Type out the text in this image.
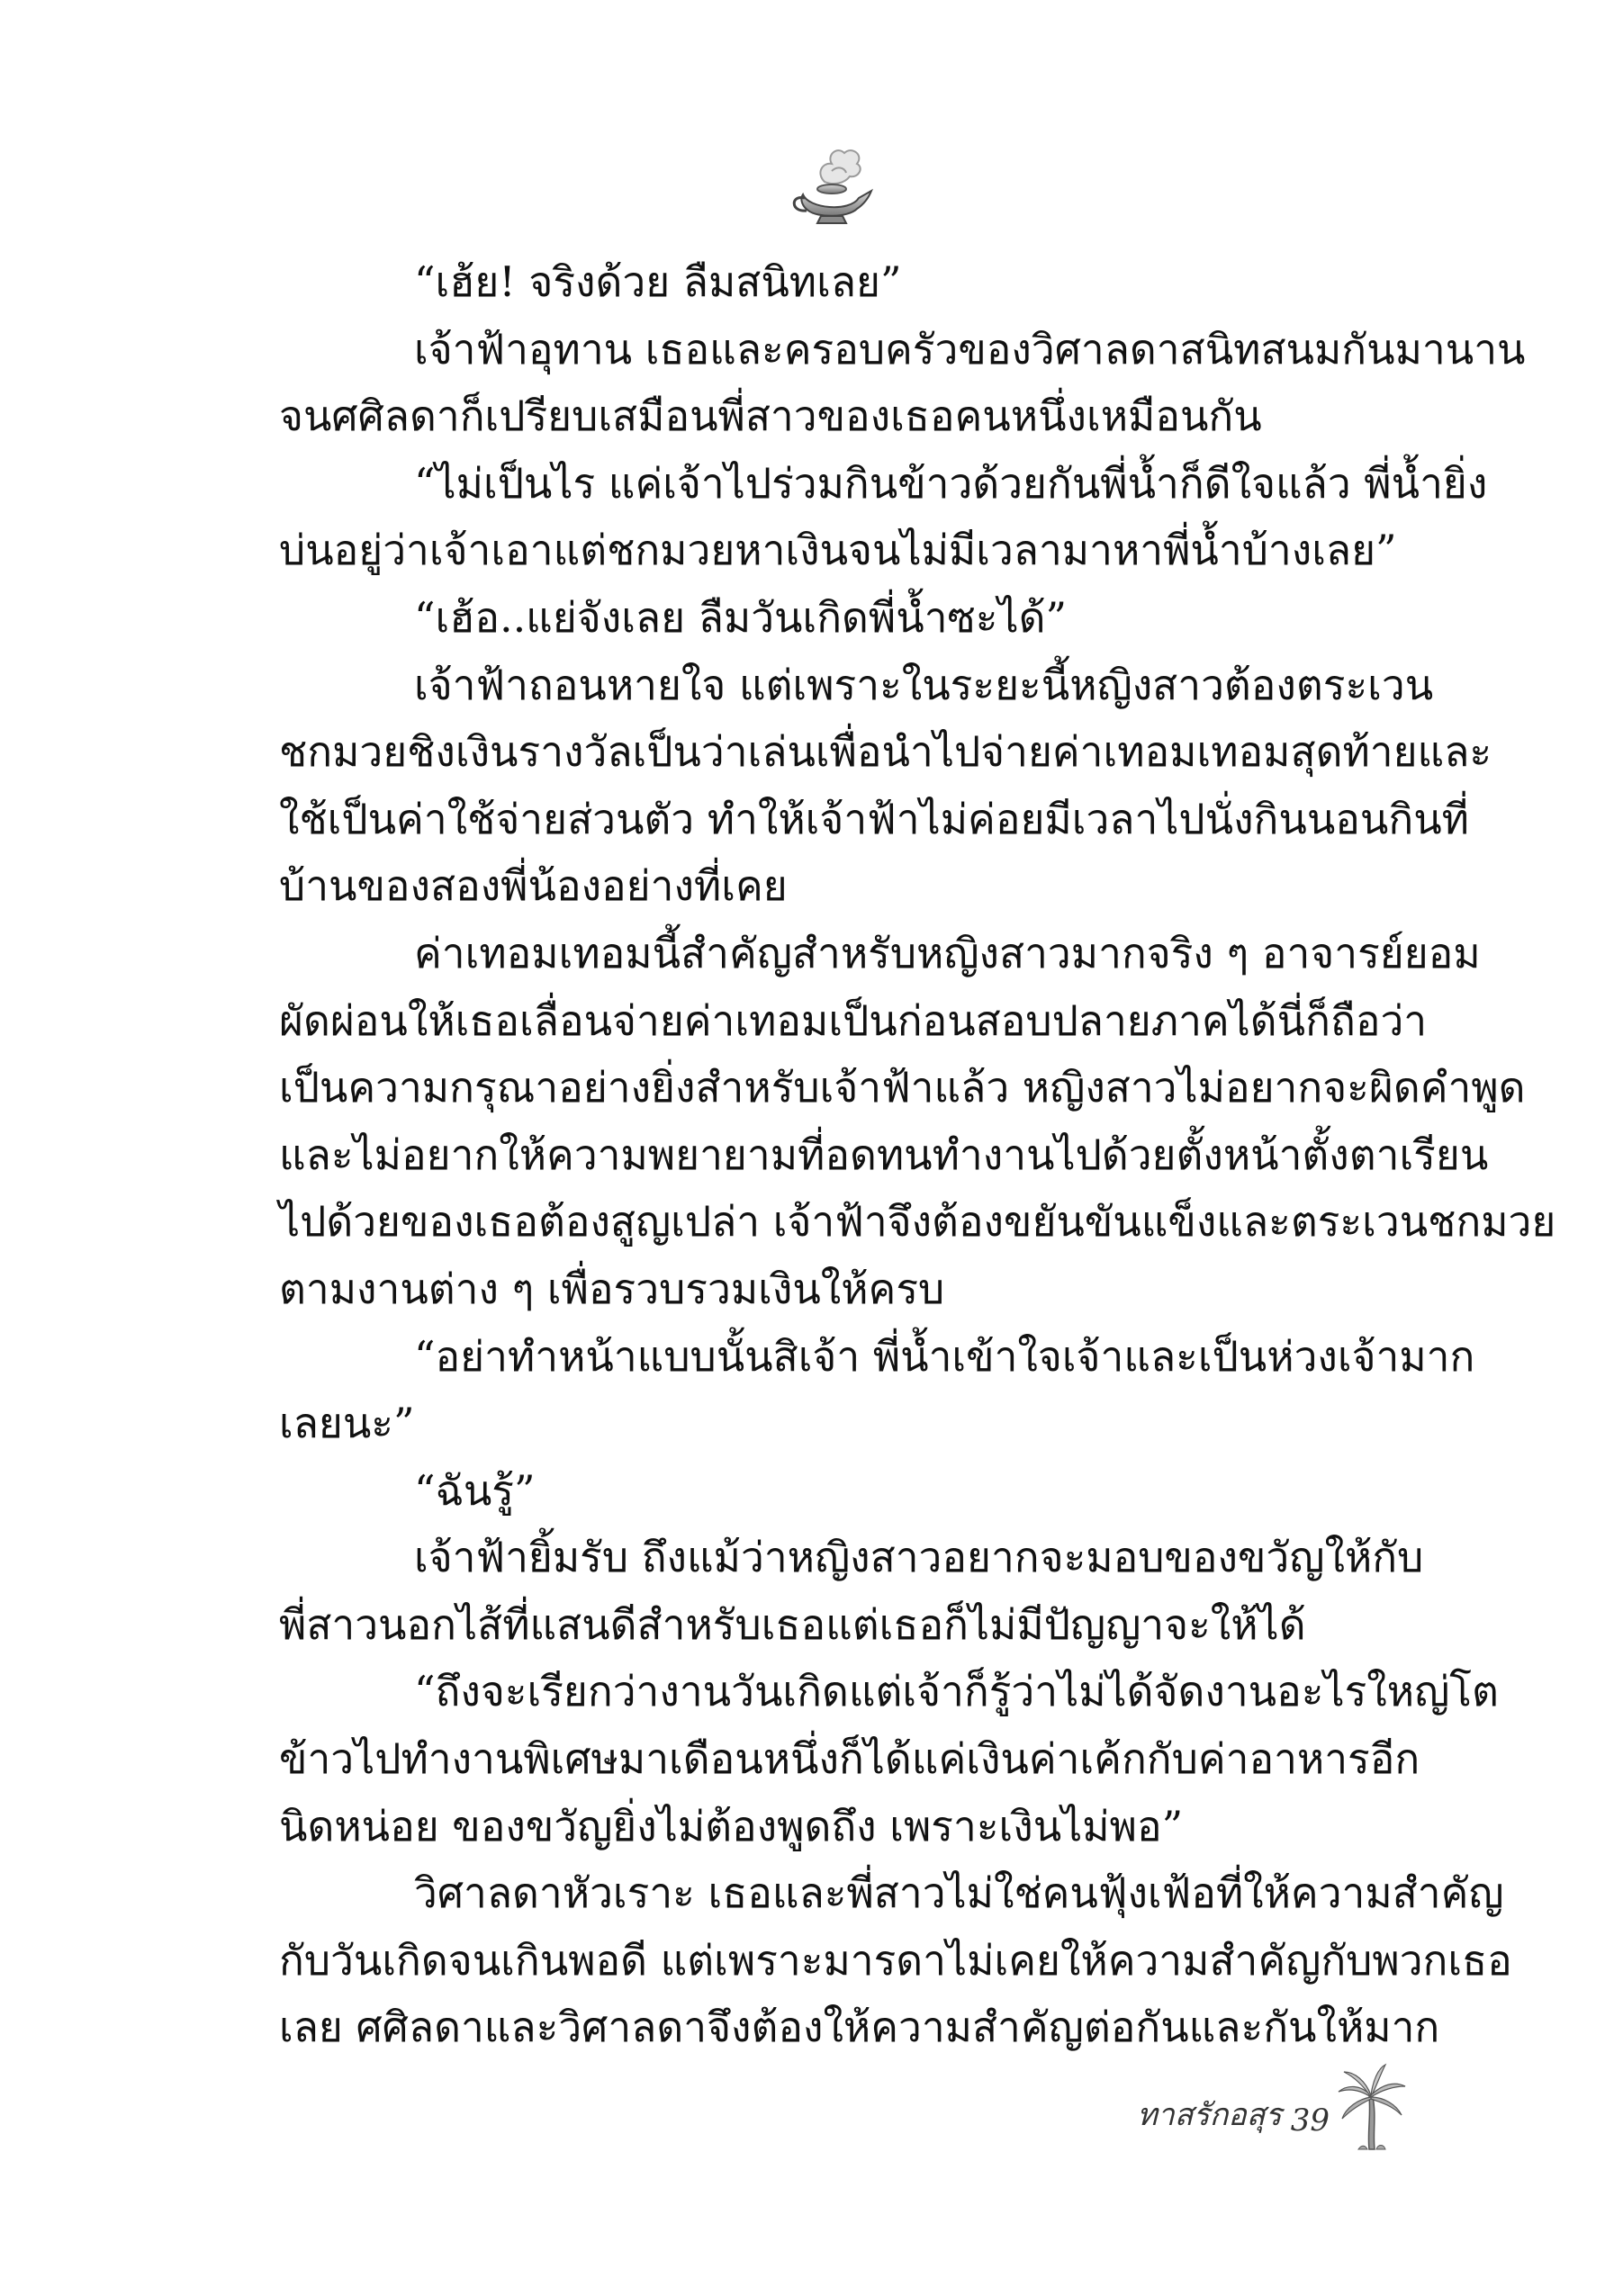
“เฮ้ย! จริงด้วย ลืมสนิทเลย”
เจ้าฟ้าอุทาน เธอและครอบครัวของวิศาลดาสนิทสนมกันมานาน
จนศศิลดาก็เปรียบเสมือนพี่สาวของเธอคนหนึ่งเหมือนกัน
“ไม่เป็นไร แค่เจ้าไปร่วมกินข้าวด้วยกันพี่น้ำก็ดีใจแล้ว พี่น้ำยิ่ง
บ่นอยู่ว่าเจ้าเอาแต่ชกมวยหาเงินจนไม่มีเวลามาหาพี่น้ำบ้างเลย”
“เฮ้อ..แย่จังเลย ลืมวันเกิดพี่น้ำซะได้”
เจ้าฟ้าถอนหายใจ แต่เพราะในระยะนี้หญิงสาวต้องตระเวน
ชกมวยชิงเงินรางวัลเป็นว่าเล่นเพื่อนำไปจ่ายค่าเทอมเทอมสุดท้ายและ
ใช้เป็นค่าใช้จ่ายส่วนตัว ทำให้เจ้าฟ้าไม่ค่อยมีเวลาไปนั่งกินนอนกินที่
บ้านของสองพี่น้องอย่างที่เคย
ค่าเทอมเทอมนี้สำคัญสำหรับหญิงสาวมากจริง ๆ อาจารย์ยอม
ผัดผ่อนให้เธอเลื่อนจ่ายค่าเทอมเป็นก่อนสอบปลายภาคได้นี่ก็ถือว่า
เป็นความกรุณาอย่างยิ่งสำหรับเจ้าฟ้าแล้ว หญิงสาวไม่อยากจะผิดคำพูด
และไม่อยากให้ความพยายามที่อดทนทำงานไปด้วยตั้งหน้าตั้งตาเรียน
ไปด้วยของเธอต้องสูญเปล่า เจ้าฟ้าจึงต้องขยันขันแข็งและตระเวนชกมวย
ตามงานต่าง ๆ เพื่อรวบรวมเงินให้ครบ
“อย่าทำหน้าแบบนั้นสิเจ้า พี่น้ำเข้าใจเจ้าและเป็นห่วงเจ้ามาก
เลยนะ”
“ฉันรู้”
เจ้าฟ้ายิ้มรับ ถึงแม้ว่าหญิงสาวอยากจะมอบของขวัญให้กับ
พี่สาวนอกไส้ที่แสนดีสำหรับเธอแต่เธอก็ไม่มีปัญญาจะให้ได้
“ถึงจะเรียกว่างานวันเกิดแต่เจ้าก็รู้ว่าไม่ได้จัดงานอะไรใหญ่โต
ข้าวไปทำงานพิเศษมาเดือนหนึ่งก็ได้แค่เงินค่าเค้กกับค่าอาหารอีก
นิดหน่อย ของขวัญยิ่งไม่ต้องพูดถึง เพราะเงินไม่พอ”
วิศาลดาหัวเราะ เธอและพี่สาวไม่ใช่คนฟุ้งเฟ้อที่ให้ความสำคัญ
กับวันเกิดจนเกินพอดี แต่เพราะมารดาไม่เคยให้ความสำคัญกับพวกเธอ
เลย ศศิลดาและวิศาลดาจึงต้องให้ความสำคัญต่อกันและกันให้มาก
ทาสรักอสุร 39
